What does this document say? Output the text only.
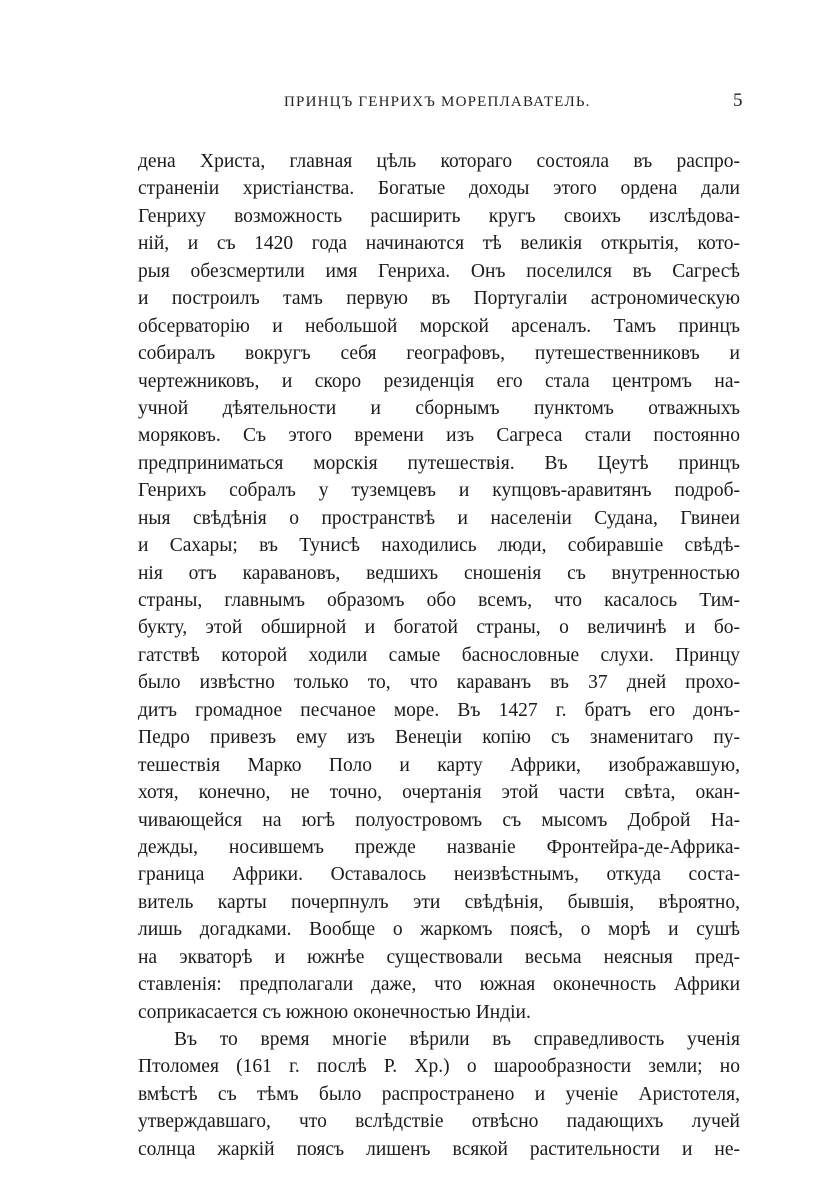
ПРИНЦЪ ГЕНРИХЪ МОРЕПЛАВАТЕЛЬ.	5
дена Христа, главная цѣль котораго состояла въ распро-
страненіи христіанства. Богатые доходы этого ордена дали
Генриху возможность расширить кругъ своихъ изслѣдова-
ній, и съ 1420 года начинаются тѣ великія открытія, кото-
рыя обезсмертили имя Генриха. Онъ поселился въ Сагресѣ
и построилъ тамъ первую въ Португаліи астрономическую
обсерваторію и небольшой морской арсеналъ. Тамъ принцъ
собиралъ вокругъ себя географовъ, путешественниковъ и
чертежниковъ, и скоро резиденція его стала центромъ на-
учной дѣятельности и сборнымъ пунктомъ отважныхъ
моряковъ. Съ этого времени изъ Сагреса стали постоянно
предприниматься морскія путешествія. Въ Цеутѣ принцъ
Генрихъ собралъ у туземцевъ и купцовъ-аравитянъ подроб-
ныя свѣдѣнія о пространствѣ и населеніи Судана, Гвинеи
и Сахары; въ Тунисѣ находились люди, собиравшіе свѣдѣ-
нія отъ каравановъ, ведшихъ сношенія съ внутренностью
страны, главнымъ образомъ обо всемъ, что касалось Тим-
букту, этой обширной и богатой страны, о величинѣ и бо-
гатствѣ которой ходили самые баснословные слухи. Принцу
было извѣстно только то, что караванъ въ 37 дней прохо-
дитъ громадное песчаное море. Въ 1427 г. братъ его донъ-
Педро привезъ ему изъ Венеціи копію съ знаменитаго пу-
тешествія Марко Поло и карту Африки, изображавшую,
хотя, конечно, не точно, очертанія этой части свѣта, окан-
чивающейся на югѣ полуостровомъ съ мысомъ Доброй На-
дежды, носившемъ прежде названіе Фронтейра-де-Африка-
граница Африки. Оставалось неизвѣстнымъ, откуда соста-
витель карты почерпнулъ эти свѣдѣнія, бывшія, вѣроятно,
лишь догадками. Вообще о жаркомъ поясѣ, о морѣ и сушѣ
на экваторѣ и южнѣе существовали весьма неясныя пред-
ставленія: предполагали даже, что южная оконечность Африки
соприкасается съ южною оконечностью Индіи.
Въ то время многіе вѣрили въ справедливость ученія
Птоломея (161 г. послѣ Р. Хр.) о шарообразности земли; но
вмѣстѣ съ тѣмъ было распространено и ученіе Аристотеля,
утверждавшаго, что вслѣдствіе отвѣсно падающихъ лучей
солнца жаркій поясъ лишенъ всякой растительности и не-
